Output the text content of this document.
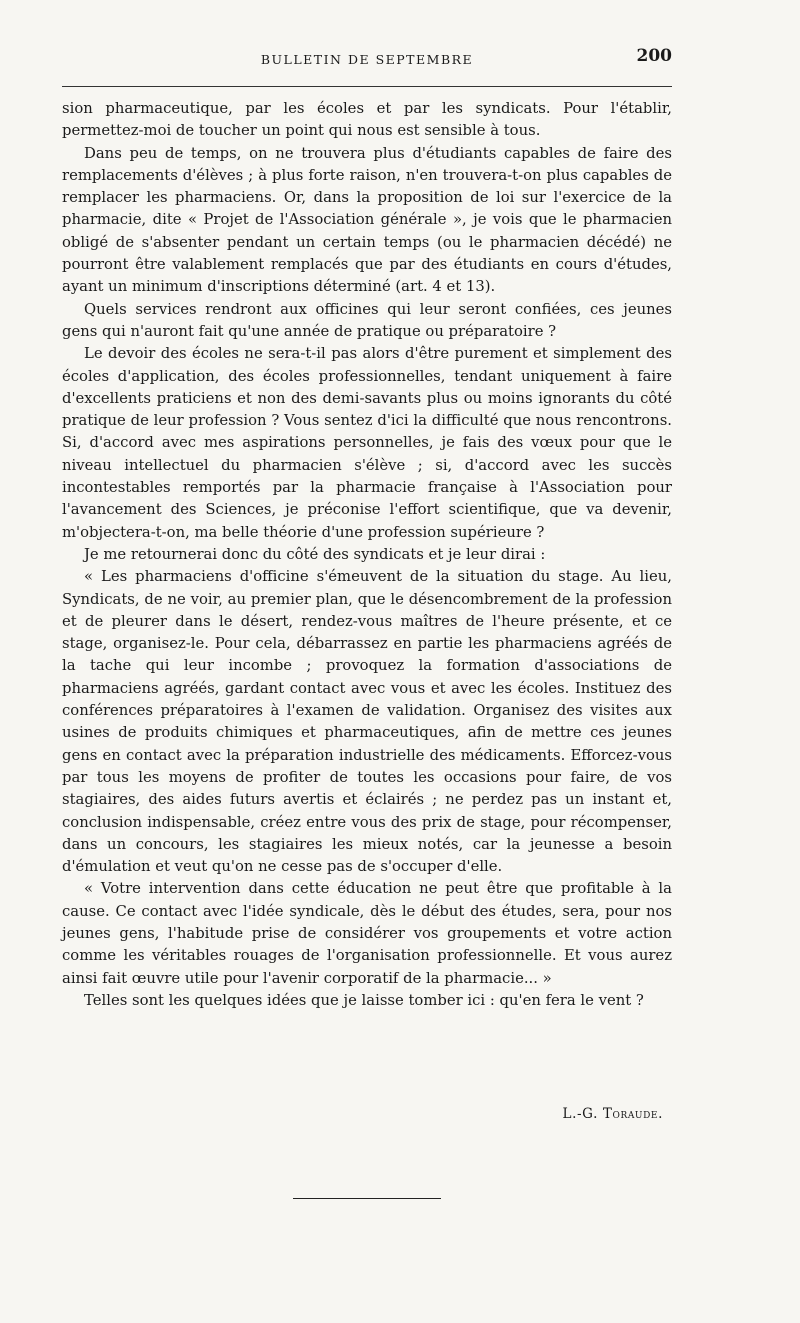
BULLETIN DE SEPTEMBRE	200

sion pharmaceutique, par les écoles et par les syndicats. Pour l'établir, permettez-moi de toucher un point qui nous est sensible à tous.

Dans peu de temps, on ne trouvera plus d'étudiants capables de faire des remplacements d'élèves ; à plus forte raison, n'en trouvera-t-on plus capables de remplacer les pharmaciens. Or, dans la proposition de loi sur l'exercice de la pharmacie, dite « Projet de l'Association générale », je vois que le pharmacien obligé de s'absenter pendant un certain temps (ou le pharmacien décédé) ne pourront être valablement remplacés que par des étudiants en cours d'études, ayant un minimum d'inscriptions déterminé (art. 4 et 13).

Quels services rendront aux officines qui leur seront confiées, ces jeunes gens qui n'auront fait qu'une année de pratique ou préparatoire ?

Le devoir des écoles ne sera-t-il pas alors d'être purement et simplement des écoles d'application, des écoles professionnelles, tendant uniquement à faire d'excellents praticiens et non des demi-savants plus ou moins ignorants du côté pratique de leur profession ? Vous sentez d'ici la difficulté que nous rencontrons. Si, d'accord avec mes aspirations personnelles, je fais des vœux pour que le niveau intellectuel du pharmacien s'élève ; si, d'accord avec les succès incontestables remportés par la pharmacie française à l'Association pour l'avancement des Sciences, je préconise l'effort scientifique, que va devenir, m'objectera-t-on, ma belle théorie d'une profession supérieure ?

Je me retournerai donc du côté des syndicats et je leur dirai :

« Les pharmaciens d'officine s'émeuvent de la situation du stage. Au lieu, Syndicats, de ne voir, au premier plan, que le désencombrement de la profession et de pleurer dans le désert, rendez-vous maîtres de l'heure présente, et ce stage, organisez-le. Pour cela, débarrassez en partie les pharmaciens agréés de la tache qui leur incombe ; provoquez la formation d'associations de pharmaciens agréés, gardant contact avec vous et avec les écoles. Instituez des conférences préparatoires à l'examen de validation. Organisez des visites aux usines de produits chimiques et pharmaceutiques, afin de mettre ces jeunes gens en contact avec la préparation industrielle des médicaments. Efforcez-vous par tous les moyens de profiter de toutes les occasions pour faire, de vos stagiaires, des aides futurs avertis et éclairés ; ne perdez pas un instant et, conclusion indispensable, créez entre vous des prix de stage, pour récompenser, dans un concours, les stagiaires les mieux notés, car la jeunesse a besoin d'émulation et veut qu'on ne cesse pas de s'occuper d'elle.

« Votre intervention dans cette éducation ne peut être que profitable à la cause. Ce contact avec l'idée syndicale, dès le début des études, sera, pour nos jeunes gens, l'habitude prise de considérer vos groupements et votre action comme les véritables rouages de l'organisation professionnelle. Et vous aurez ainsi fait œuvre utile pour l'avenir corporatif de la pharmacie... »

Telles sont les quelques idées que je laisse tomber ici : qu'en fera le vent ?

L.-G. Toraude.
